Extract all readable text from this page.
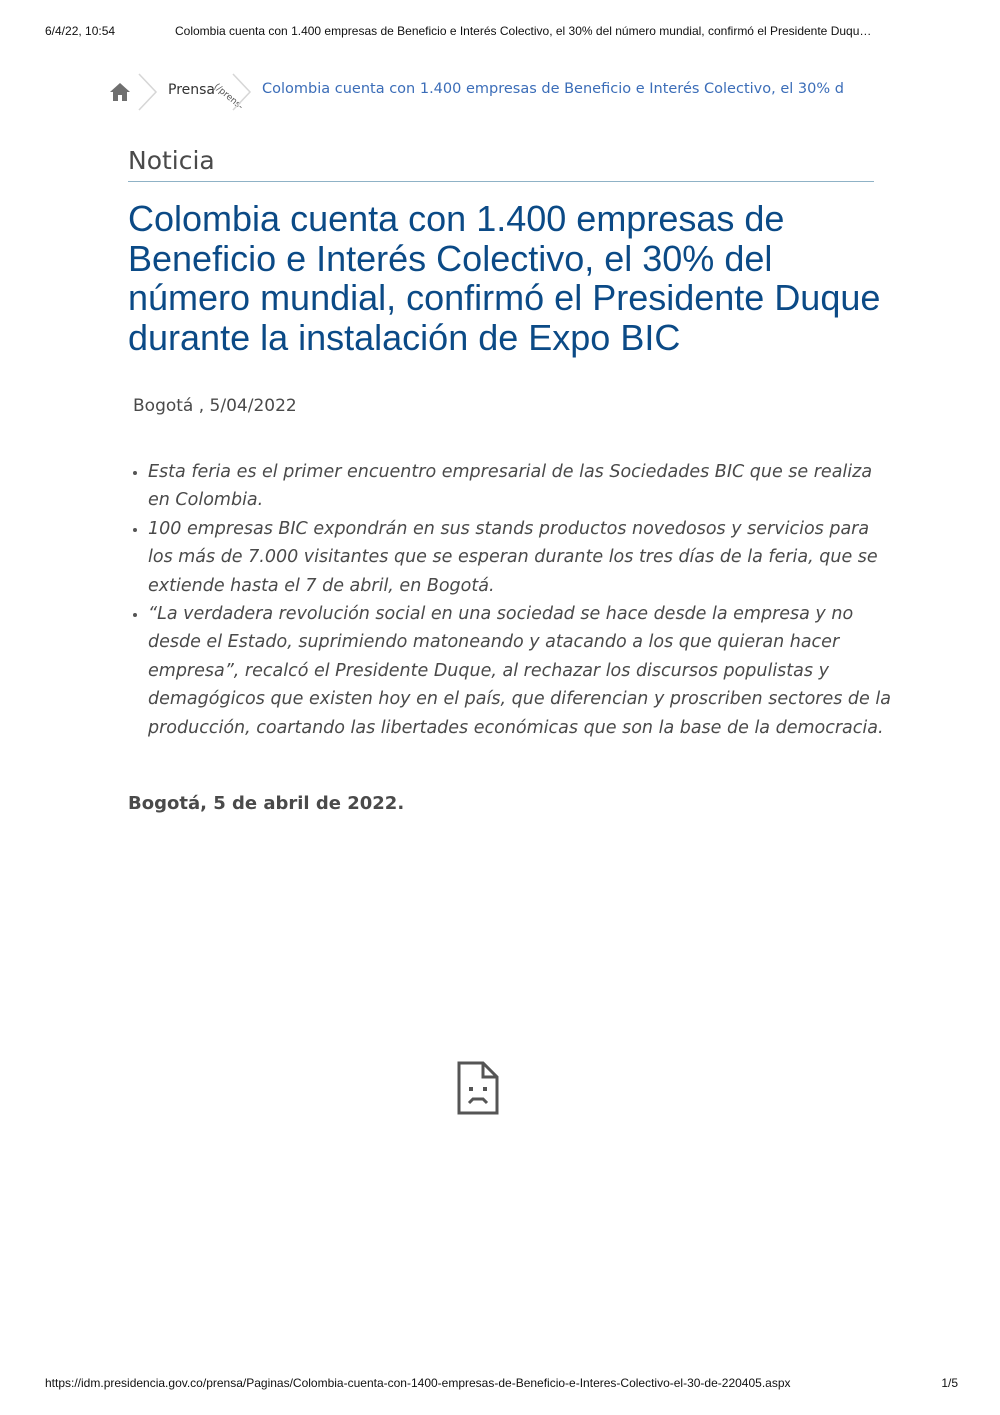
6/4/22, 10:54	Colombia cuenta con 1.400 empresas de Beneficio e Interés Colectivo, el 30% del número mundial, confirmó el Presidente Duqu…
Prensa
(/prens- Colombia cuenta con 1.400 empresas de Beneficio e Interés Colectivo, el 30% d
Noticia
Colombia cuenta con 1.400 empresas de Beneficio e Interés Colectivo, el 30% del número mundial, confirmó el Presidente Duque durante la instalación de Expo BIC
Bogotá , 5/04/2022
• Esta feria es el primer encuentro empresarial de las Sociedades BIC que se realiza en Colombia.
• 100 empresas BIC expondrán en sus stands productos novedosos y servicios para los más de 7.000 visitantes que se esperan durante los tres días de la feria, que se extiende hasta el 7 de abril, en Bogotá.
• “La verdadera revolución social en una sociedad se hace desde la empresa y no desde el Estado, suprimiendo matoneando y atacando a los que quieran hacer empresa”, recalcó el Presidente Duque, al rechazar los discursos populistas y demagógicos que existen hoy en el país, que diferencian y proscriben sectores de la producción, coartando las libertades económicas que son la base de la democracia.
Bogotá, 5 de abril de 2022.
https://idm.presidencia.gov.co/prensa/Paginas/Colombia-cuenta-con-1400-empresas-de-Beneficio-e-Interes-Colectivo-el-30-de-220405.aspx	1/5
